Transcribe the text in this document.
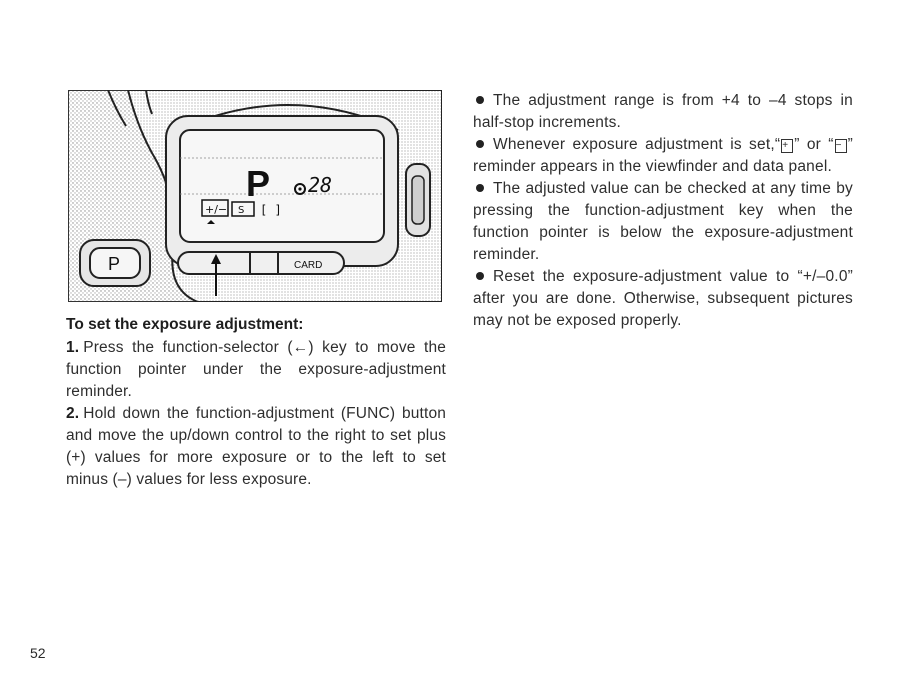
P 28
+/− S [ ]
P	CARD

To set the exposure adjustment:

1. Press the function-selector (←) key to move the function pointer under the exposure-adjustment reminder.

2. Hold down the function-adjustment (FUNC) button and move the up/down control to the right to set plus (+) values for more exposure or to the left to set minus (–) values for less exposure.

The adjustment range is from +4 to –4 stops in half-stop increments.

Whenever exposure adjustment is set,“ + ” or “ − ” reminder appears in the viewfinder and data panel.

The adjusted value can be checked at any time by pressing the function-adjustment key when the function pointer is below the exposure-adjustment reminder.

Reset the exposure-adjustment value to “+/–0.0” after you are done. Otherwise, subsequent pictures may not be exposed properly.

52
